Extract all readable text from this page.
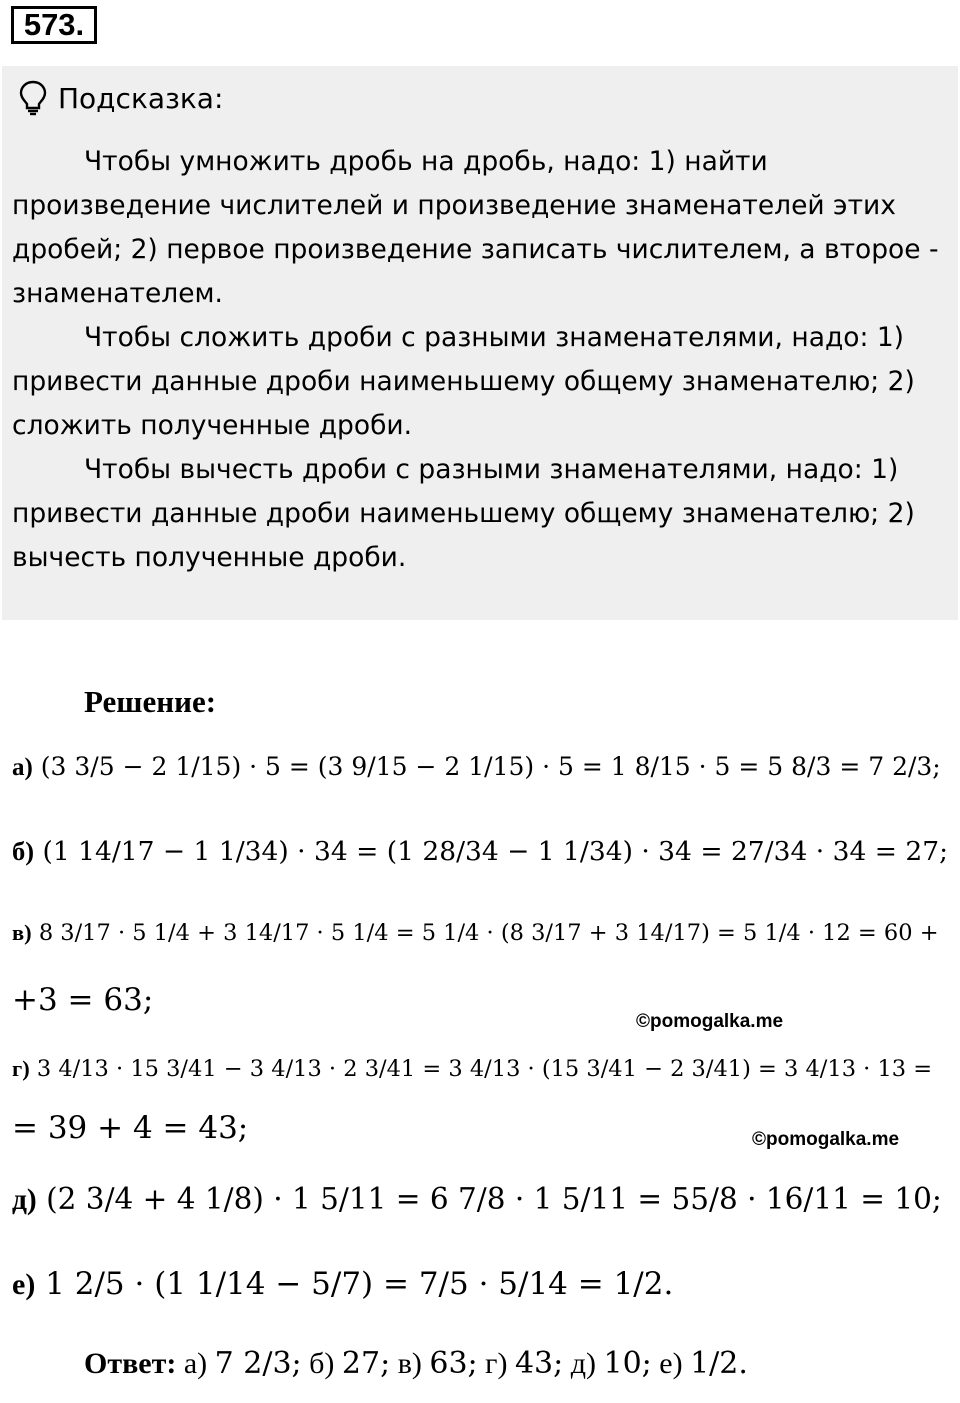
573.
Подсказка:

Чтобы умножить дробь на дробь, надо: 1) найти произведение числителей и произведение знаменателей этих дробей; 2) первое произведение записать числителем, а второе - знаменателем.

Чтобы сложить дроби с разными знаменателями, надо: 1) привести данные дроби наименьшему общему знаменателю; 2) сложить полученные дроби.

Чтобы вычесть дроби с разными знаменателями, надо: 1) привести данные дроби наименьшему общему знаменателю; 2) вычесть полученные дроби.

Решение:
а) (3 3/5 − 2 1/15) · 5 = (3 9/15 − 2 1/15) · 5 = 1 8/15 · 5 = 5 8/3 = 7 2/3;
б) (1 14/17 − 1 1/34) · 34 = (1 28/34 − 1 1/34) · 34 = 27/34 · 34 = 27;
в) 8 3/17 · 5 1/4 + 3 14/17 · 5 1/4 = 5 1/4 · (8 3/17 + 3 14/17) = 5 1/4 · 12 = 60 +
+3 = 63;
©pomogalka.me
г) 3 4/13 · 15 3/41 − 3 4/13 · 2 3/41 = 3 4/13 · (15 3/41 − 2 3/41) = 3 4/13 · 13 =
= 39 + 4 = 43;	©pomogalka.me
д) (2 3/4 + 4 1/8) · 1 5/11 = 6 7/8 · 1 5/11 = 55/8 · 16/11 = 10;
е) 1 2/5 · (1 1/14 − 5/7) = 7/5 · 5/14 = 1/2.
Ответ: а) 7 2/3; б) 27; в) 63; г) 43; д) 10; е) 1/2.
